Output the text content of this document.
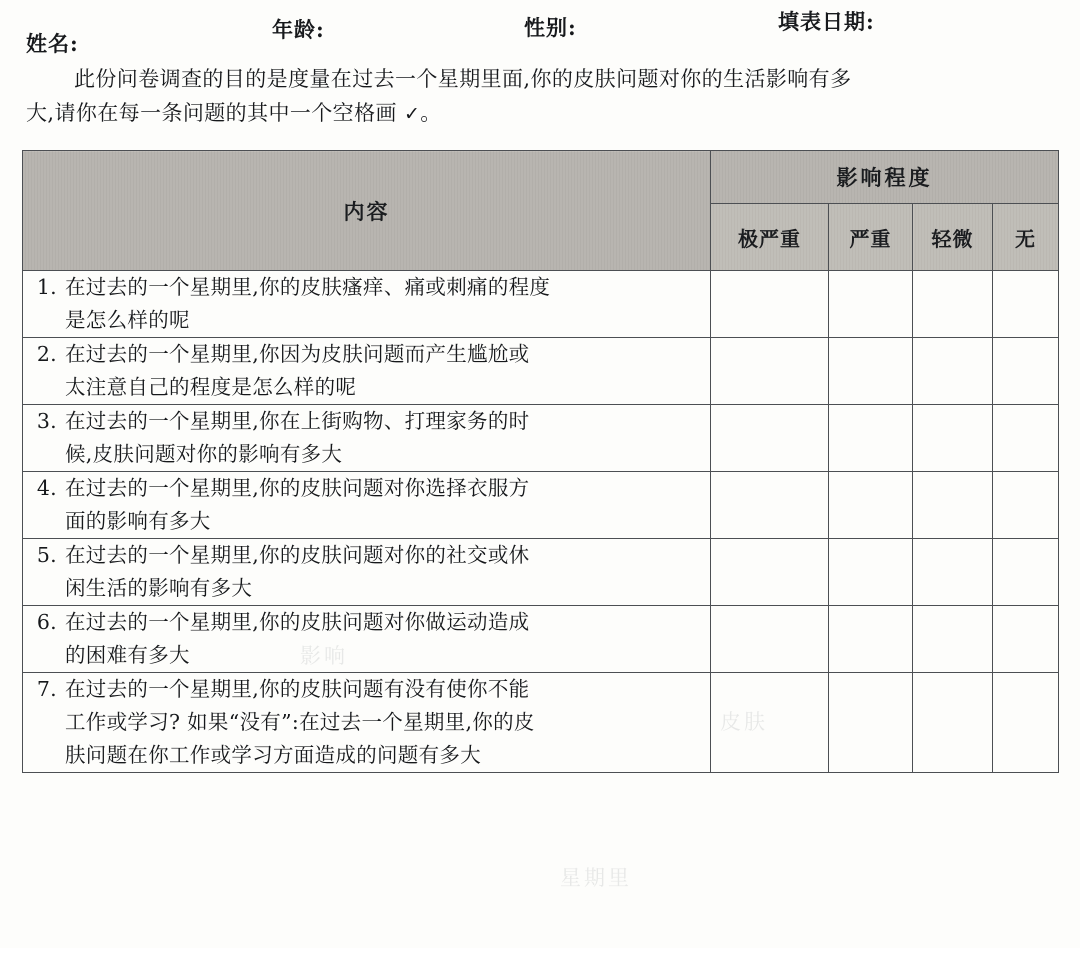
姓名:
年龄:	性别:	填表日期:
此份问卷调查的目的是度量在过去一个星期里面,你的皮肤问题对你的生活影响有多
大,请你在每一条问题的其中一个空格画 ✓。
内容	影响程度			
	极严重	严重	轻微	无

1. 在过去的一个星期里,你的皮肤瘙痒、痛或刺痛的程度
是怎么样的呢				

2. 在过去的一个星期里,你因为皮肤问题而产生尴尬或
太注意自己的程度是怎么样的呢				

3. 在过去的一个星期里,你在上街购物、打理家务的时
候,皮肤问题对你的影响有多大				

4. 在过去的一个星期里,你的皮肤问题对你选择衣服方
面的影响有多大				

5. 在过去的一个星期里,你的皮肤问题对你的社交或休
闲生活的影响有多大				

6. 在过去的一个星期里,你的皮肤问题对你做运动造成
的困难有多大				

7. 在过去的一个星期里,你的皮肤问题有没有使你不能
工作或学习? 如果“没有”:在过去一个星期里,你的皮
肤问题在你工作或学习方面造成的问题有多大				

星期里
